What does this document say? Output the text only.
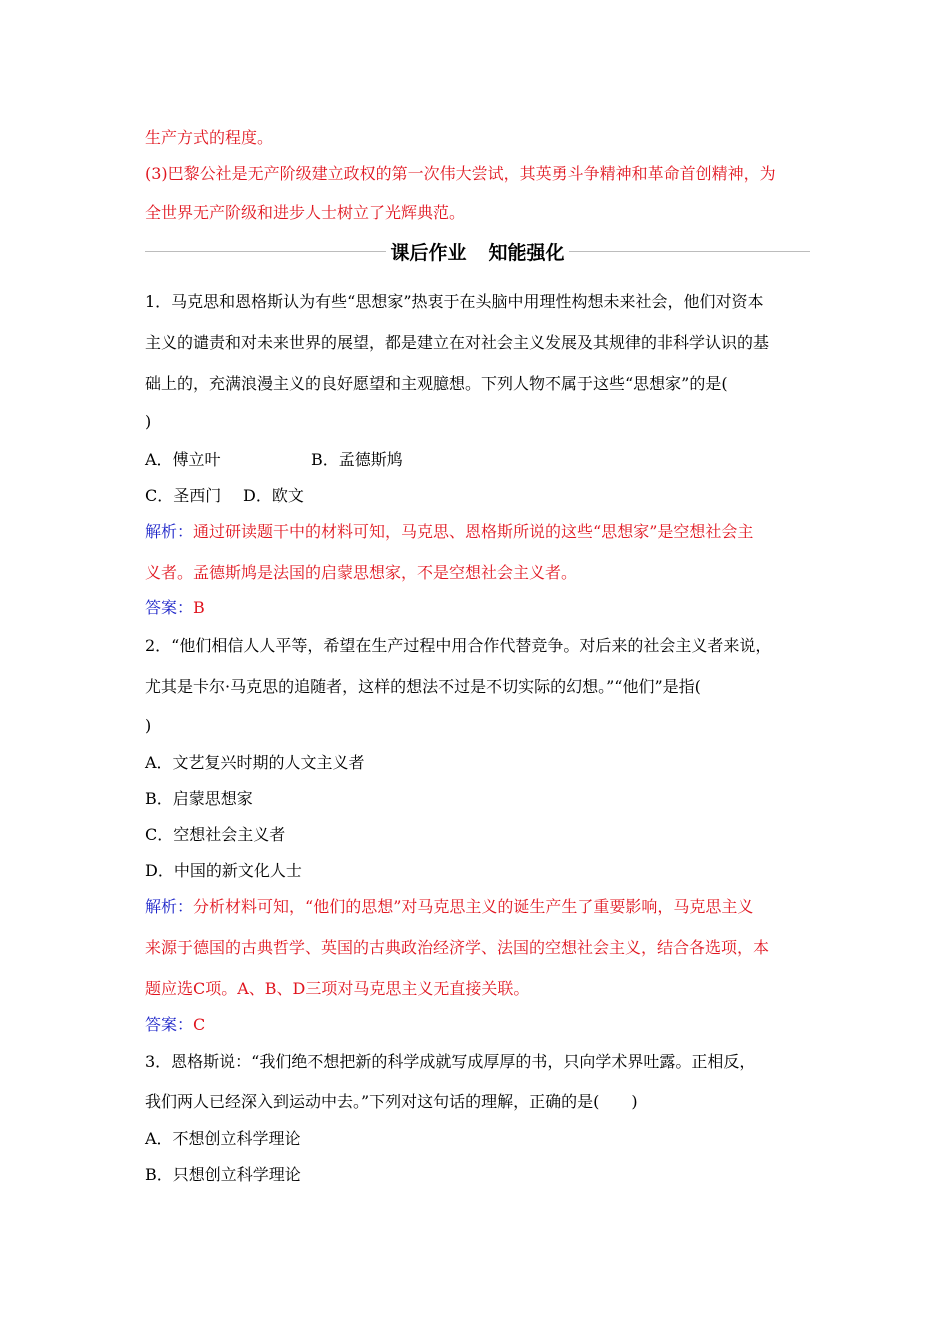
生产方式的程度。
(3)巴黎公社是无产阶级建立政权的第一次伟大尝试，其英勇斗争精神和革命首创精神，为
全世界无产阶级和进步人士树立了光辉典范。
课后作业 知能强化
1．马克思和恩格斯认为有些“思想家”热衷于在头脑中用理性构想未来社会，他们对资本
主义的谴责和对未来世界的展望，都是建立在对社会主义发展及其规律的非科学认识的基
础上的，充满浪漫主义的良好愿望和主观臆想。下列人物不属于这些“思想家”的是(
)
A．傅立叶	B．孟德斯鸠
C．圣西门 D．欧文
解析：通过研读题干中的材料可知，马克思、恩格斯所说的这些“思想家”是空想社会主
义者。孟德斯鸠是法国的启蒙思想家，不是空想社会主义者。
答案：B
2．“他们相信人人平等，希望在生产过程中用合作代替竞争。对后来的社会主义者来说，
尤其是卡尔·马克思的追随者，这样的想法不过是不切实际的幻想。”“他们”是指(
)
A．文艺复兴时期的人文主义者
B．启蒙思想家
C．空想社会主义者
D．中国的新文化人士
解析：分析材料可知，“他们的思想”对马克思主义的诞生产生了重要影响，马克思主义
来源于德国的古典哲学、英国的古典政治经济学、法国的空想社会主义，结合各选项，本
题应选C项。A、B、D三项对马克思主义无直接关联。
答案：C
3．恩格斯说：“我们绝不想把新的科学成就写成厚厚的书，只向学术界吐露。正相反，
我们两人已经深入到运动中去。”下列对这句话的理解，正确的是(　　)
A．不想创立科学理论
B．只想创立科学理论
